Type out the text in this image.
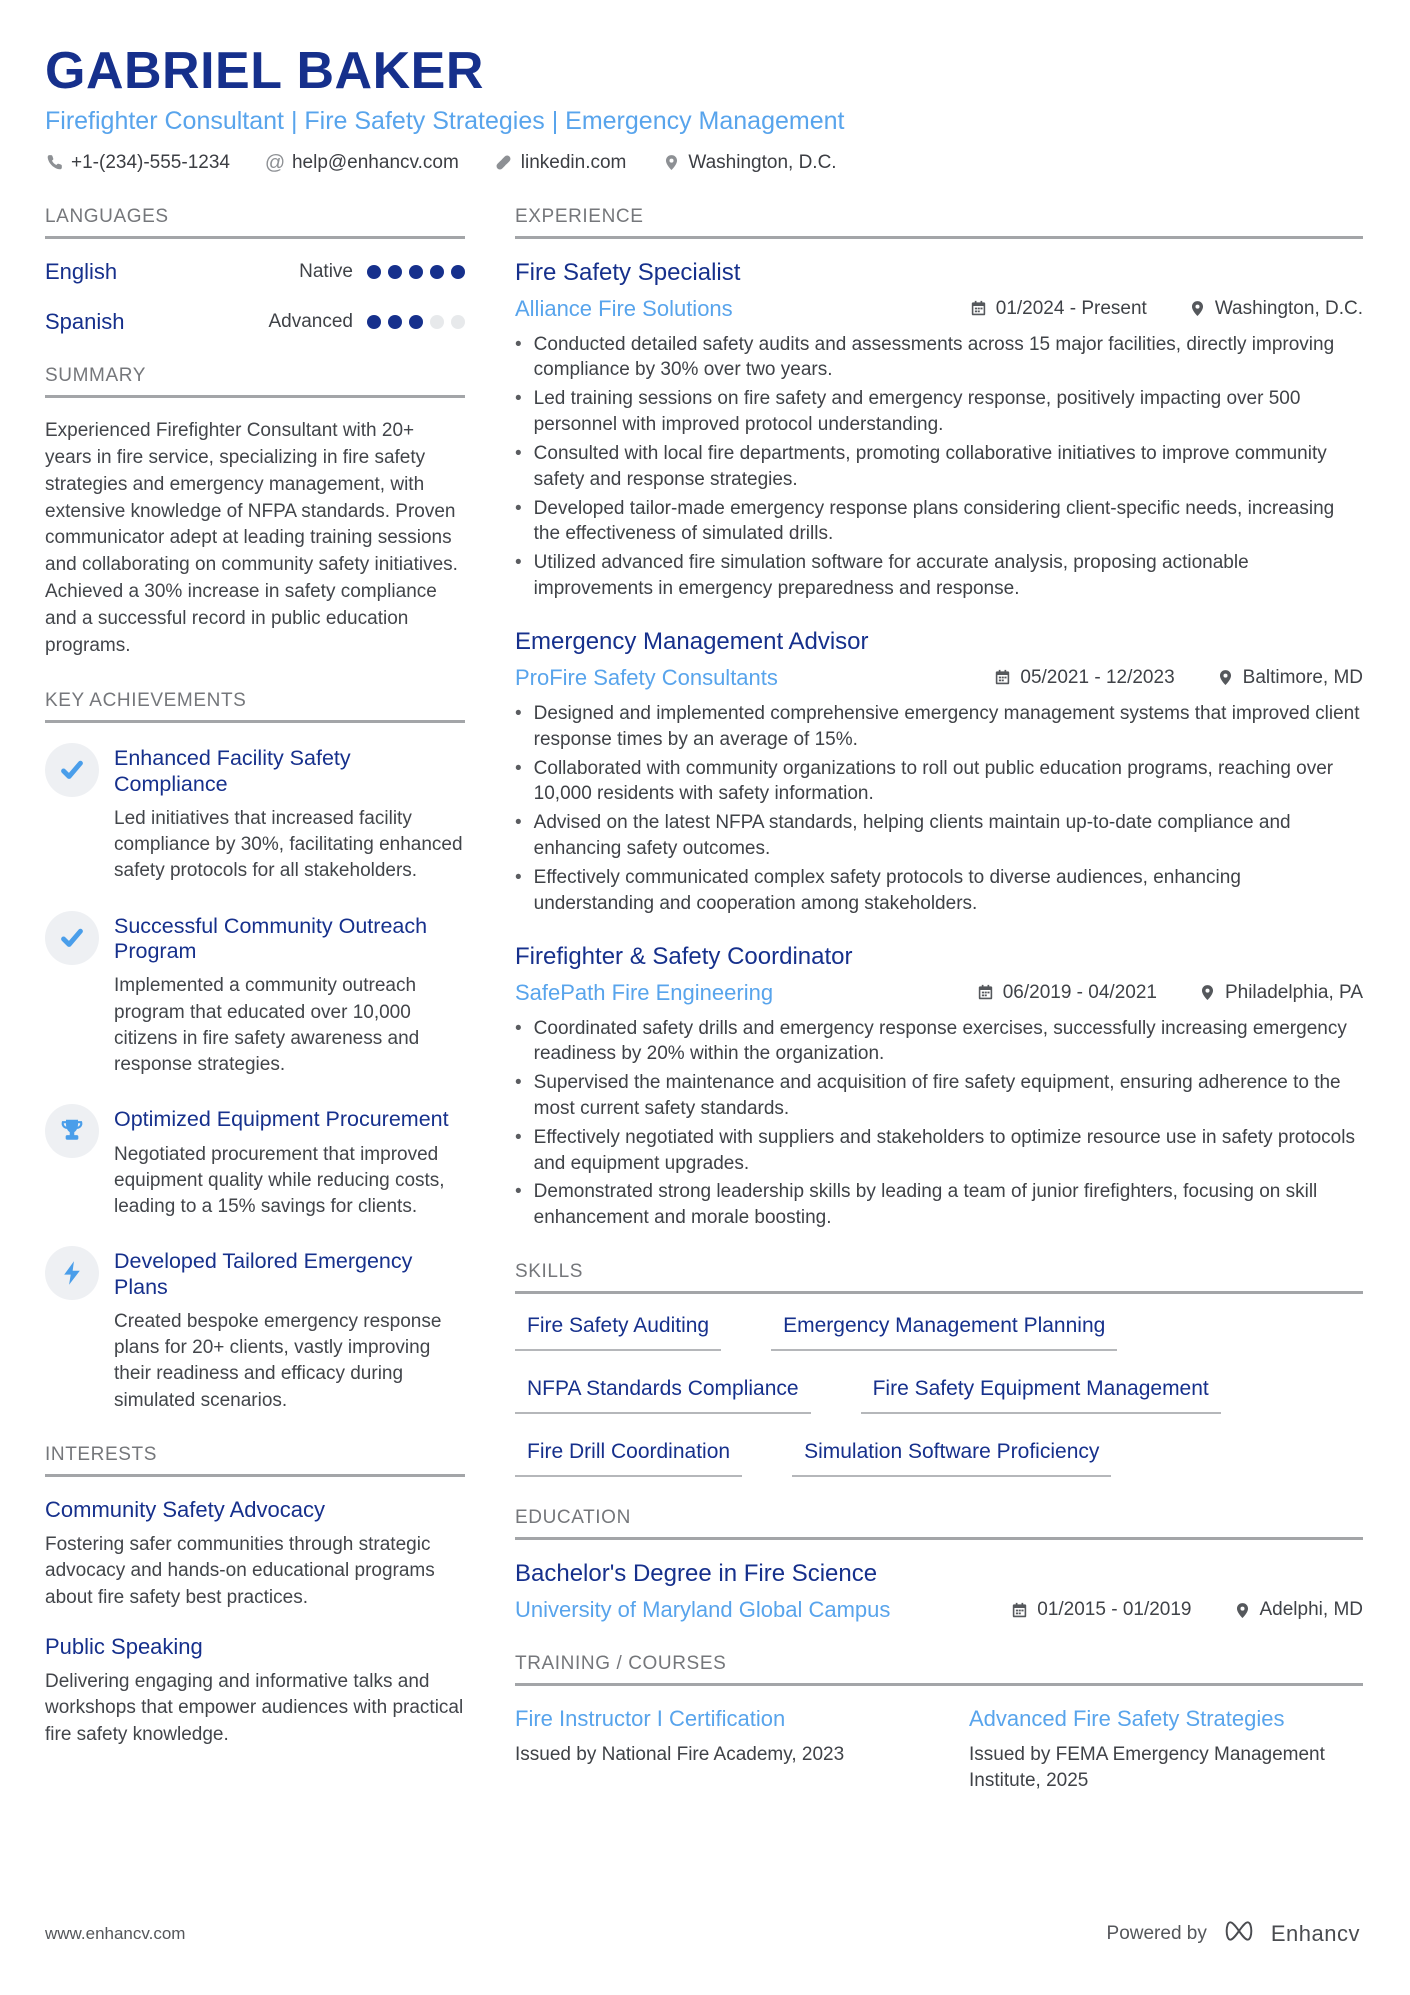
GABRIEL BAKER
Firefighter Consultant | Fire Safety Strategies | Emergency Management
+1-(234)-555-1234 @ help@enhancv.com	linkedin.com	Washington, D.C.
LANGUAGES
English	Native
Spanish	Advanced
SUMMARY
Experienced Firefighter Consultant with 20+ years in fire service, specializing in fire safety strategies and emergency management, with extensive knowledge of NFPA standards. Proven communicator adept at leading training sessions and collaborating on community safety initiatives. Achieved a 30% increase in safety compliance and a successful record in public education programs.
KEY ACHIEVEMENTS
Enhanced Facility Safety Compliance
Led initiatives that increased facility compliance by 30%, facilitating enhanced safety protocols for all stakeholders.
Successful Community Outreach Program
Implemented a community outreach program that educated over 10,000 citizens in fire safety awareness and response strategies.
Optimized Equipment Procurement
Negotiated procurement that improved equipment quality while reducing costs, leading to a 15% savings for clients.
Developed Tailored Emergency Plans
Created bespoke emergency response plans for 20+ clients, vastly improving their readiness and efficacy during simulated scenarios.
INTERESTS
Community Safety Advocacy
Fostering safer communities through strategic advocacy and hands-on educational programs about fire safety best practices.
Public Speaking
Delivering engaging and informative talks and workshops that empower audiences with practical fire safety knowledge.
EXPERIENCE
Fire Safety Specialist
Alliance Fire Solutions	01/2024 - Present	Washington, D.C.
• Conducted detailed safety audits and assessments across 15 major facilities, directly improving compliance by 30% over two years.
• Led training sessions on fire safety and emergency response, positively impacting over 500 personnel with improved protocol understanding.
• Consulted with local fire departments, promoting collaborative initiatives to improve community safety and response strategies.
• Developed tailor-made emergency response plans considering client-specific needs, increasing the effectiveness of simulated drills.
• Utilized advanced fire simulation software for accurate analysis, proposing actionable improvements in emergency preparedness and response.
Emergency Management Advisor
ProFire Safety Consultants	05/2021 - 12/2023	Baltimore, MD
• Designed and implemented comprehensive emergency management systems that improved client response times by an average of 15%.
• Collaborated with community organizations to roll out public education programs, reaching over 10,000 residents with safety information.
• Advised on the latest NFPA standards, helping clients maintain up-to-date compliance and enhancing safety outcomes.
• Effectively communicated complex safety protocols to diverse audiences, enhancing understanding and cooperation among stakeholders.
Firefighter & Safety Coordinator
SafePath Fire Engineering	06/2019 - 04/2021	Philadelphia, PA
• Coordinated safety drills and emergency response exercises, successfully increasing emergency readiness by 20% within the organization.
• Supervised the maintenance and acquisition of fire safety equipment, ensuring adherence to the most current safety standards.
• Effectively negotiated with suppliers and stakeholders to optimize resource use in safety protocols and equipment upgrades.
• Demonstrated strong leadership skills by leading a team of junior firefighters, focusing on skill enhancement and morale boosting.
SKILLS
Fire Safety Auditing	Emergency Management Planning
NFPA Standards Compliance	Fire Safety Equipment Management
Fire Drill Coordination	Simulation Software Proficiency
EDUCATION
Bachelor's Degree in Fire Science
University of Maryland Global Campus	01/2015 - 01/2019	Adelphi, MD
TRAINING / COURSES
Fire Instructor I Certification
Issued by National Fire Academy, 2023
Advanced Fire Safety Strategies
Issued by FEMA Emergency Management Institute, 2025
www.enhancv.com	Powered by	Enhancv
